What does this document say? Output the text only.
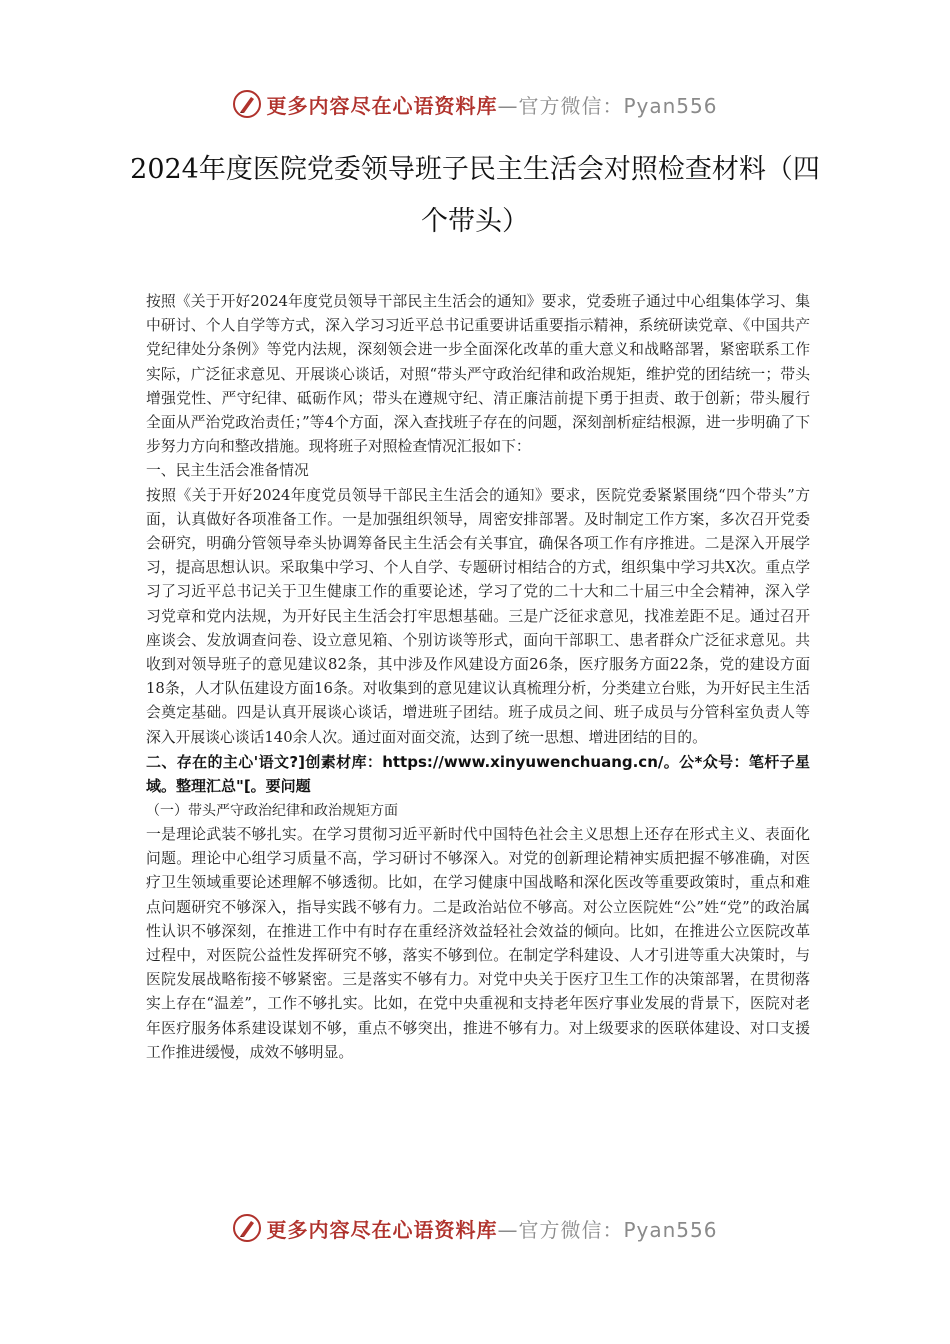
更多内容尽在心语资料库—官方微信：Pyan556
2024年度医院党委领导班子民主生活会对照检查材料（四个带头）

按照《关于开好2024年度党员领导干部民主生活会的通知》要求，党委班子通过中心组集体学习、集中研讨、个人自学等方式，深入学习习近平总书记重要讲话重要指示精神，系统研读党章、《中国共产党纪律处分条例》等党内法规，深刻领会进一步全面深化改革的重大意义和战略部署，紧密联系工作实际，广泛征求意见、开展谈心谈话，对照“带头严守政治纪律和政治规矩，维护党的团结统一；带头增强党性、严守纪律、砥砺作风；带头在遵规守纪、清正廉洁前提下勇于担责、敢于创新；带头履行全面从严治党政治责任；”等4个方面，深入查找班子存在的问题，深刻剖析症结根源，进一步明确了下步努力方向和整改措施。现将班子对照检查情况汇报如下：

一、民主生活会准备情况

按照《关于开好2024年度党员领导干部民主生活会的通知》要求，医院党委紧紧围绕“四个带头”方面，认真做好各项准备工作。一是加强组织领导，周密安排部署。及时制定工作方案，多次召开党委会研究，明确分管领导牵头协调筹备民主生活会有关事宜，确保各项工作有序推进。二是深入开展学习，提高思想认识。采取集中学习、个人自学、专题研讨相结合的方式，组织集中学习共X次。重点学习了习近平总书记关于卫生健康工作的重要论述，学习了党的二十大和二十届三中全会精神，深入学习党章和党内法规，为开好民主生活会打牢思想基础。三是广泛征求意见，找准差距不足。通过召开座谈会、发放调查问卷、设立意见箱、个别访谈等形式，面向干部职工、患者群众广泛征求意见。共收到对领导班子的意见建议82条，其中涉及作风建设方面26条，医疗服务方面22条，党的建设方面18条，人才队伍建设方面16条。对收集到的意见建议认真梳理分析，分类建立台账，为开好民主生活会奠定基础。四是认真开展谈心谈话，增进班子团结。班子成员之间、班子成员与分管科室负责人等深入开展谈心谈话140余人次。通过面对面交流，达到了统一思想、增进团结的目的。

二、存在的主心'语文?]创素材库：https://www.xinyuwenchuang.cn/。公*众号：笔杆子星域。整理汇总"[。要问题

（一）带头严守政治纪律和政治规矩方面

一是理论武装不够扎实。在学习贯彻习近平新时代中国特色社会主义思想上还存在形式主义、表面化问题。理论中心组学习质量不高，学习研讨不够深入。对党的创新理论精神实质把握不够准确，对医疗卫生领域重要论述理解不够透彻。比如，在学习健康中国战略和深化医改等重要政策时，重点和难点问题研究不够深入，指导实践不够有力。二是政治站位不够高。对公立医院姓“公”姓“党”的政治属性认识不够深刻，在推进工作中有时存在重经济效益轻社会效益的倾向。比如，在推进公立医院改革过程中，对医院公益性发挥研究不够，落实不够到位。在制定学科建设、人才引进等重大决策时，与医院发展战略衔接不够紧密。三是落实不够有力。对党中央关于医疗卫生工作的决策部署，在贯彻落实上存在“温差”，工作不够扎实。比如，在党中央重视和支持老年医疗事业发展的背景下，医院对老年医疗服务体系建设谋划不够，重点不够突出，推进不够有力。对上级要求的医联体建设、对口支援工作推进缓慢，成效不够明显。

更多内容尽在心语资料库—官方微信：Pyan556
